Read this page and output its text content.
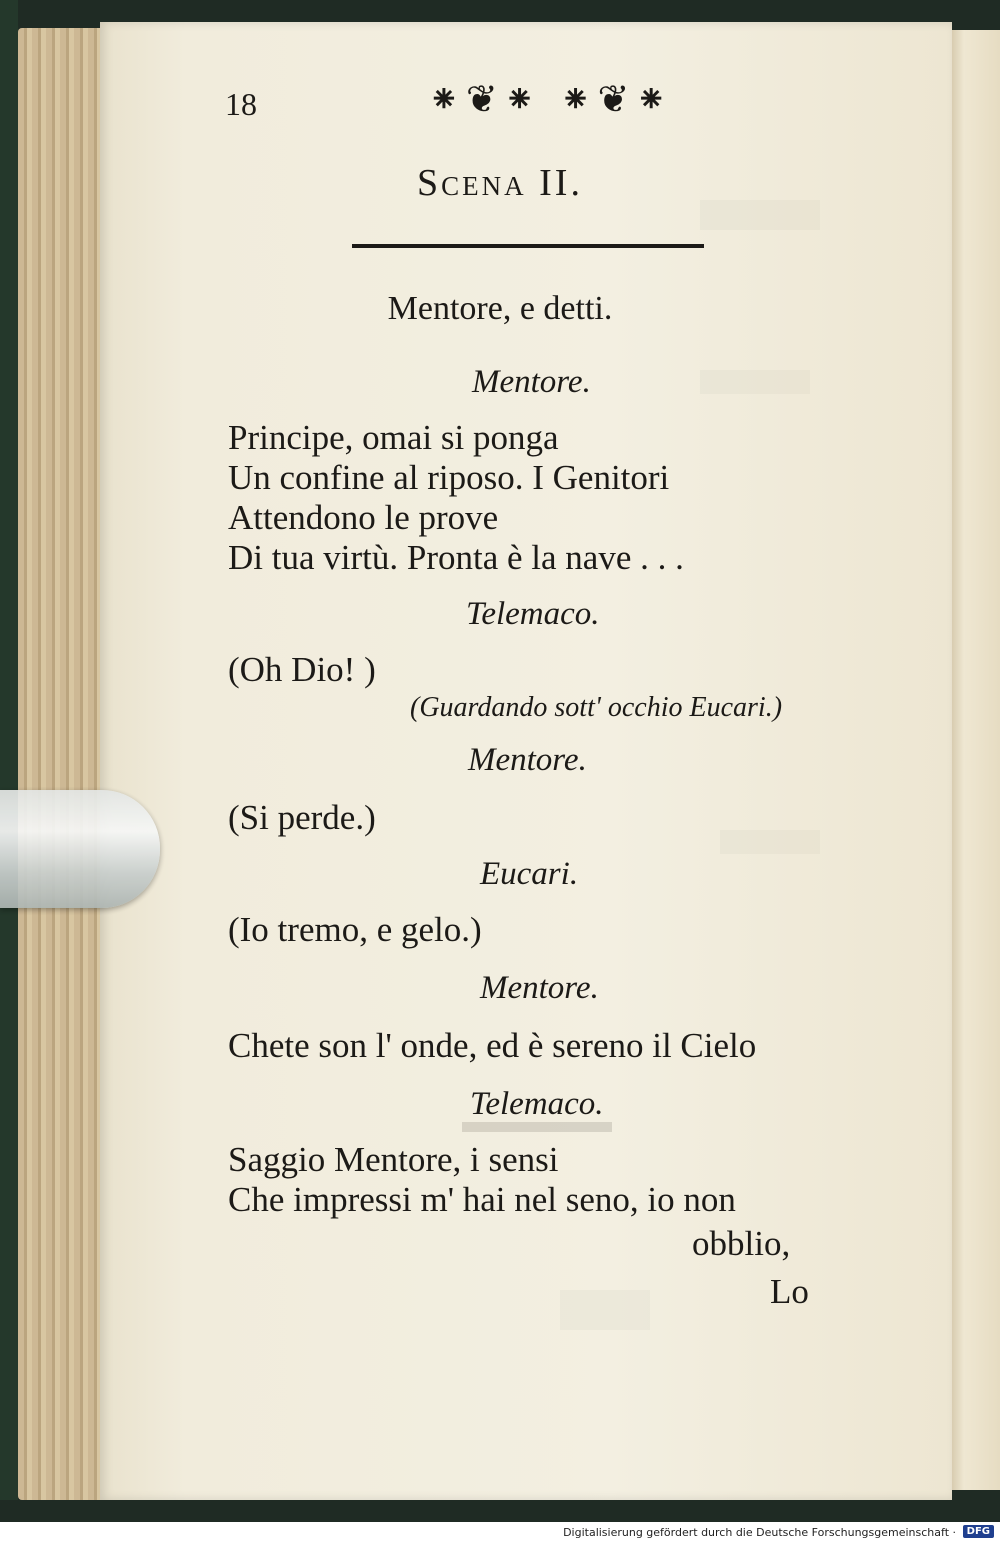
18	⁕❦⁕ ⁕❦⁕
Scena II.
Mentore, e detti.
Mentore.
Principe, omai si ponga
Un confine al riposo. I Genitori
Attendono le prove
Di tua virtù. Pronta è la nave . . .
Telemaco.
(Oh Dio! )
(Guardando sott' occhio Eucari.)
Mentore.
(Si perde.)
Eucari.
(Io tremo, e gelo.)
Mentore.
Chete son l' onde, ed è sereno il Cielo
Telemaco.
Saggio Mentore, i sensi
Che impressi m' hai nel seno, io non
obblio,
Lo
Digitalisierung gefördert durch die Deutsche Forschungsgemeinschaft ·	DFG
